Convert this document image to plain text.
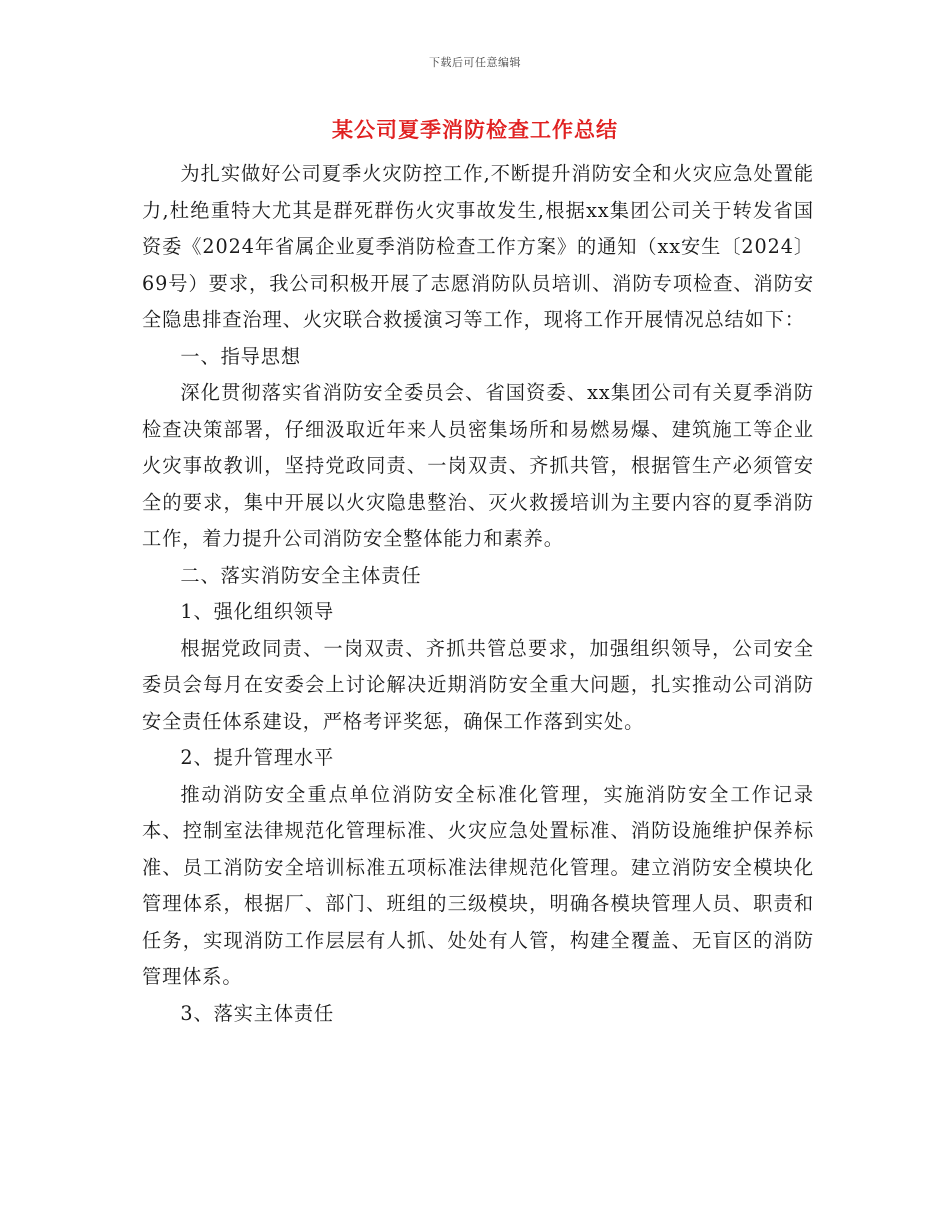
下载后可任意编辑
某公司夏季消防检查工作总结

为扎实做好公司夏季火灾防控工作,不断提升消防安全和火灾应急处置能力,杜绝重特大尤其是群死群伤火灾事故发生,根据xx集团公司关于转发省国资委《2024年省属企业夏季消防检查工作方案》的通知（xx安生〔2024〕69号）要求，我公司积极开展了志愿消防队员培训、消防专项检查、消防安全隐患排查治理、火灾联合救援演习等工作，现将工作开展情况总结如下：

一、指导思想

深化贯彻落实省消防安全委员会、省国资委、xx集团公司有关夏季消防检查决策部署，仔细汲取近年来人员密集场所和易燃易爆、建筑施工等企业火灾事故教训，坚持党政同责、一岗双责、齐抓共管，根据管生产必须管安全的要求，集中开展以火灾隐患整治、灭火救援培训为主要内容的夏季消防工作，着力提升公司消防安全整体能力和素养。

二、落实消防安全主体责任

1、强化组织领导

根据党政同责、一岗双责、齐抓共管总要求，加强组织领导，公司安全委员会每月在安委会上讨论解决近期消防安全重大问题，扎实推动公司消防安全责任体系建设，严格考评奖惩，确保工作落到实处。

2、提升管理水平

推动消防安全重点单位消防安全标准化管理，实施消防安全工作记录本、控制室法律规范化管理标准、火灾应急处置标准、消防设施维护保养标准、员工消防安全培训标准五项标准法律规范化管理。建立消防安全模块化管理体系，根据厂、部门、班组的三级模块，明确各模块管理人员、职责和任务，实现消防工作层层有人抓、处处有人管，构建全覆盖、无盲区的消防管理体系。

3、落实主体责任
